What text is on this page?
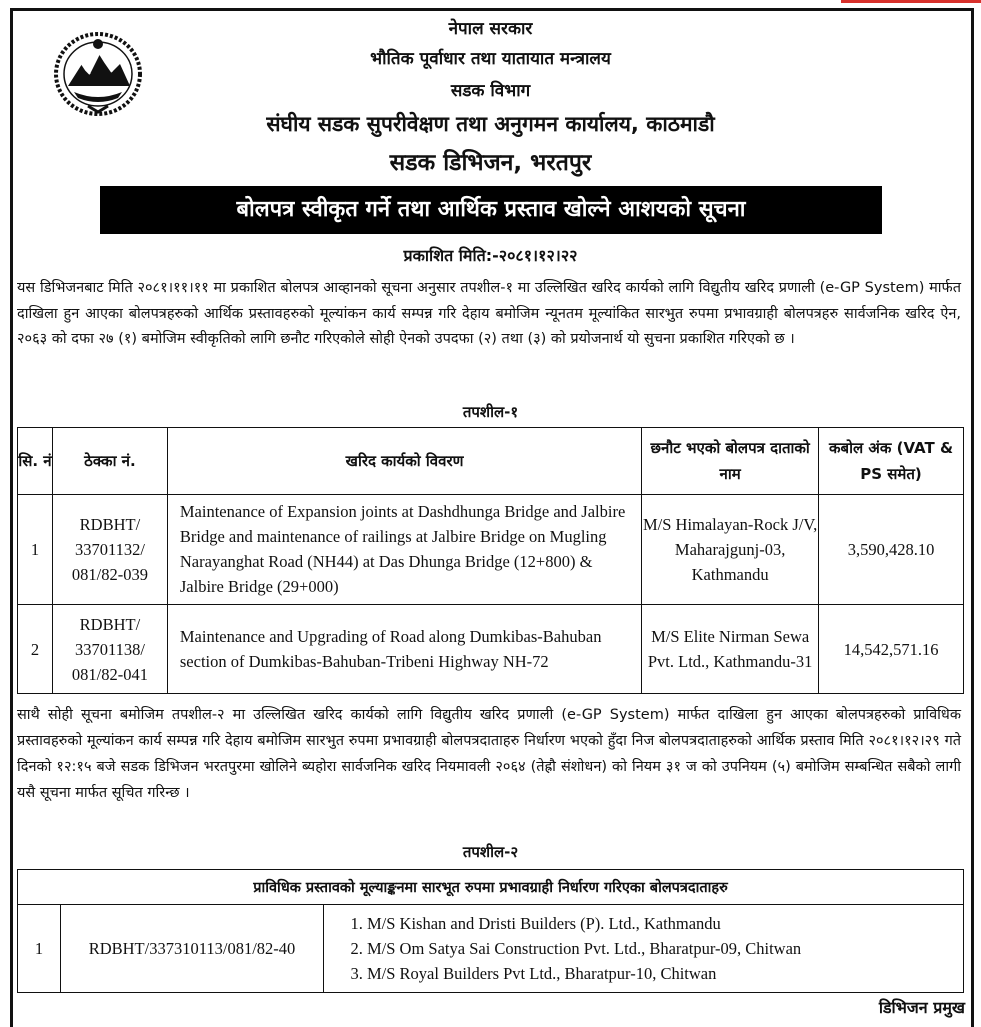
नेपाल सरकार
भौतिक पूर्वाधार तथा यातायात मन्त्रालय
सडक विभाग
संघीय सडक सुपरीवेक्षण तथा अनुगमन कार्यालय, काठमाडौ
सडक डिभिजन, भरतपुर
बोलपत्र स्वीकृत गर्ने तथा आर्थिक प्रस्ताव खोल्ने आशयको सूचना
प्रकाशित मिति:-२०८१।१२।२२
यस डिभिजनबाट मिति २०८१।११।११ मा प्रकाशित बोलपत्र आव्हानको सूचना अनुसार तपशील-१ मा उल्लिखित खरिद कार्यको लागि विद्युतीय खरिद प्रणाली (e-GP System) मार्फत दाखिला हुन आएका बोलपत्रहरुको आर्थिक प्रस्तावहरुको मूल्यांकन कार्य सम्पन्न गरि देहाय बमोजिम न्यूनतम मूल्यांकित सारभुत रुपमा प्रभावग्राही बोलपत्रहरु सार्वजनिक खरिद ऐन, २०६३ को दफा २७ (१) बमोजिम स्वीकृतिको लागि छनौट गरिएकोले सोही ऐनको उपदफा (२) तथा (३) को प्रयोजनार्थ यो सुचना प्रकाशित गरिएको छ ।
तपशील-१
सि. नं	ठेक्का नं.	खरिद कार्यको विवरण	छनौट भएको बोलपत्र दाताको नाम	कबोल अंक (VAT & PS समेत)
1	RDBHT/ 33701132/ 081/82-039	Maintenance of Expansion joints at Dashdhunga Bridge and Jalbire Bridge and maintenance of railings at Jalbire Bridge on Mugling Narayanghat Road (NH44) at Das Dhunga Bridge (12+800) & Jalbire Bridge (29+000)	M/S Himalayan-Rock J/V, Maharajgunj-03, Kathmandu	3,590,428.10
2	RDBHT/ 33701138/ 081/82-041	Maintenance and Upgrading of Road along Dumkibas-Bahuban section of Dumkibas-Bahuban-Tribeni Highway NH-72	M/S Elite Nirman Sewa Pvt. Ltd., Kathmandu-31	14,542,571.16
साथै सोही सूचना बमोजिम तपशील-२ मा उल्लिखित खरिद कार्यको लागि विद्युतीय खरिद प्रणाली (e-GP System) मार्फत दाखिला हुन आएका बोलपत्रहरुको प्राविधिक प्रस्तावहरुको मूल्यांकन कार्य सम्पन्न गरि देहाय बमोजिम सारभुत रुपमा प्रभावग्राही बोलपत्रदाताहरु निर्धारण भएको हुँदा निज बोलपत्रदाताहरुको आर्थिक प्रस्ताव मिति २०८१।१२।२९ गते दिनको १२:१५ बजे सडक डिभिजन भरतपुरमा खोलिने ब्यहोरा सार्वजनिक खरिद नियमावली २०६४ (तेह्रौ संशोधन) को नियम ३१ ज को उपनियम (५) बमोजिम सम्बन्धित सबैको लागी यसै सूचना मार्फत सूचित गरिन्छ ।
तपशील-२
प्राविधिक प्रस्तावको मूल्याङ्कनमा सारभूत रुपमा प्रभावग्राही निर्धारण गरिएका बोलपत्रदाताहरु
1	RDBHT/337310113/081/82-40	
1. M/S Kishan and Dristi Builders (P). Ltd., Kathmandu
2. M/S Om Satya Sai Construction Pvt. Ltd., Bharatpur-09, Chitwan
3. M/S Royal Builders Pvt Ltd., Bharatpur-10, Chitwan
डिभिजन प्रमुख
